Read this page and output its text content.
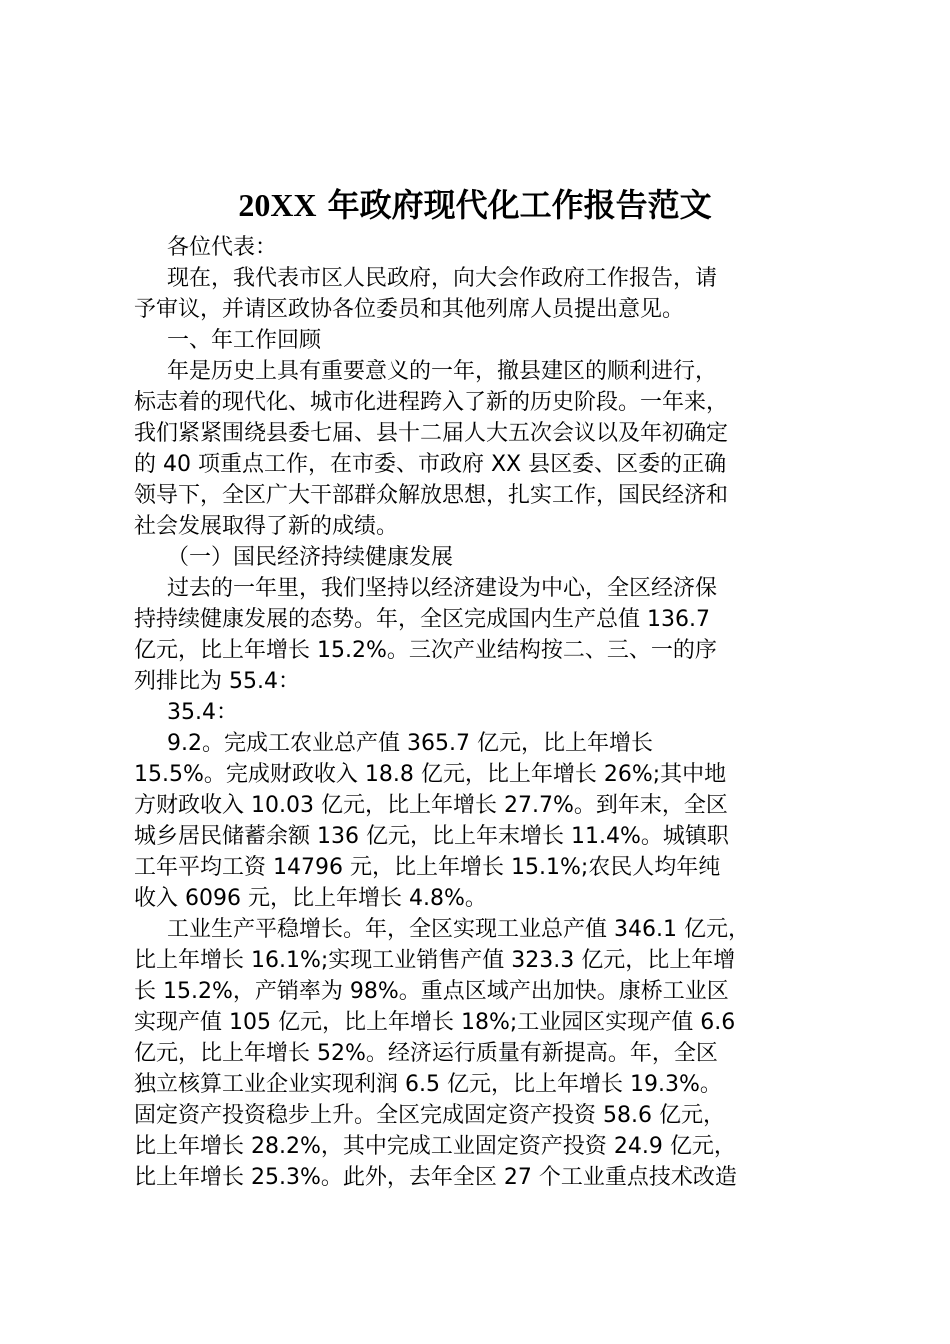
20XX 年政府现代化工作报告范文

各位代表：

现在，我代表市区人民政府，向大会作政府工作报告，请

予审议，并请区政协各位委员和其他列席人员提出意见。

一、年工作回顾

年是历史上具有重要意义的一年，撤县建区的顺利进行，

标志着的现代化、城市化进程跨入了新的历史阶段。一年来，

我们紧紧围绕县委七届、县十二届人大五次会议以及年初确定

的 40 项重点工作，在市委、市政府 XX 县区委、区委的正确

领导下，全区广大干部群众解放思想，扎实工作，国民经济和

社会发展取得了新的成绩。

（一）国民经济持续健康发展

过去的一年里，我们坚持以经济建设为中心，全区经济保

持持续健康发展的态势。年，全区完成国内生产总值 136.7

亿元，比上年增长 15.2%。三次产业结构按二、三、一的序

列排比为 55.4：

35.4：

9.2。完成工农业总产值 365.7 亿元，比上年增长

15.5%。完成财政收入 18.8 亿元，比上年增长 26%;其中地

方财政收入 10.03 亿元，比上年增长 27.7%。到年末，全区

城乡居民储蓄余额 136 亿元，比上年末增长 11.4%。城镇职

工年平均工资 14796 元，比上年增长 15.1%;农民人均年纯

收入 6096 元，比上年增长 4.8%。

工业生产平稳增长。年，全区实现工业总产值 346.1 亿元，

比上年增长 16.1%;实现工业销售产值 323.3 亿元，比上年增

长 15.2%，产销率为 98%。重点区域产出加快。康桥工业区

实现产值 105 亿元，比上年增长 18%;工业园区实现产值 6.6

亿元，比上年增长 52%。经济运行质量有新提高。年，全区

独立核算工业企业实现利润 6.5 亿元，比上年增长 19.3%。

固定资产投资稳步上升。全区完成固定资产投资 58.6 亿元，

比上年增长 28.2%，其中完成工业固定资产投资 24.9 亿元，

比上年增长 25.3%。此外，去年全区 27 个工业重点技术改造
